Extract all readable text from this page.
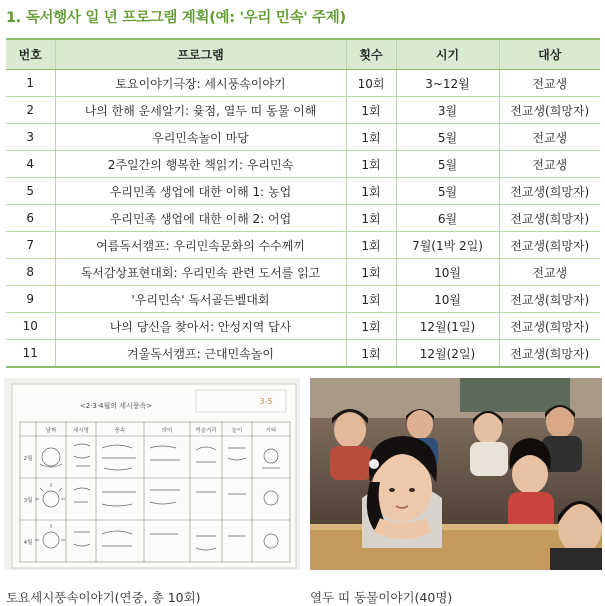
1. 독서행사 일 년 프로그램 계획(예: '우리 민속' 주제)
번호	프로그램	횟수	시기	대상
1	토요이야기극장: 세시풍속이야기	10회	3~12월	전교생
2	나의 한해 운세알기: 윷점, 열두 띠 동물 이해	1회	3월	전교생(희망자)
3	우리민속놀이 마당	1회	5월	전교생
4	2주일간의 행복한 책읽기: 우리민속	1회	5월	전교생
5	우리민족 생업에 대한 이해 1: 농업	1회	5월	전교생(희망자)
6	우리민족 생업에 대한 이해 2: 어업	1회	6월	전교생(희망자)
7	여름독서캠프: 우리민속문화의 수수께끼	1회	7월(1박 2일)	전교생(희망자)
8	독서감상표현대회: 우리민속 관련 도서를 읽고	1회	10월	전교생
9	'우리민속' 독서골든벨대회	1회	10월	전교생(희망자)
10	나의 당신을 찾아서: 안성지역 답사	1회	12월(1일)	전교생(희망자)
11	겨울독서캠프: 근대민속놀이	1회	12월(2일)	전교생(희망자)
<2·3·4월의 세시풍속>	3-5
날짜	세시명	풍속	의미	먹을거리	놀이	기타
2월
3월
4월
토요세시풍속이야기(연중, 총 10회)	열두 띠 동물이야기(40명)
